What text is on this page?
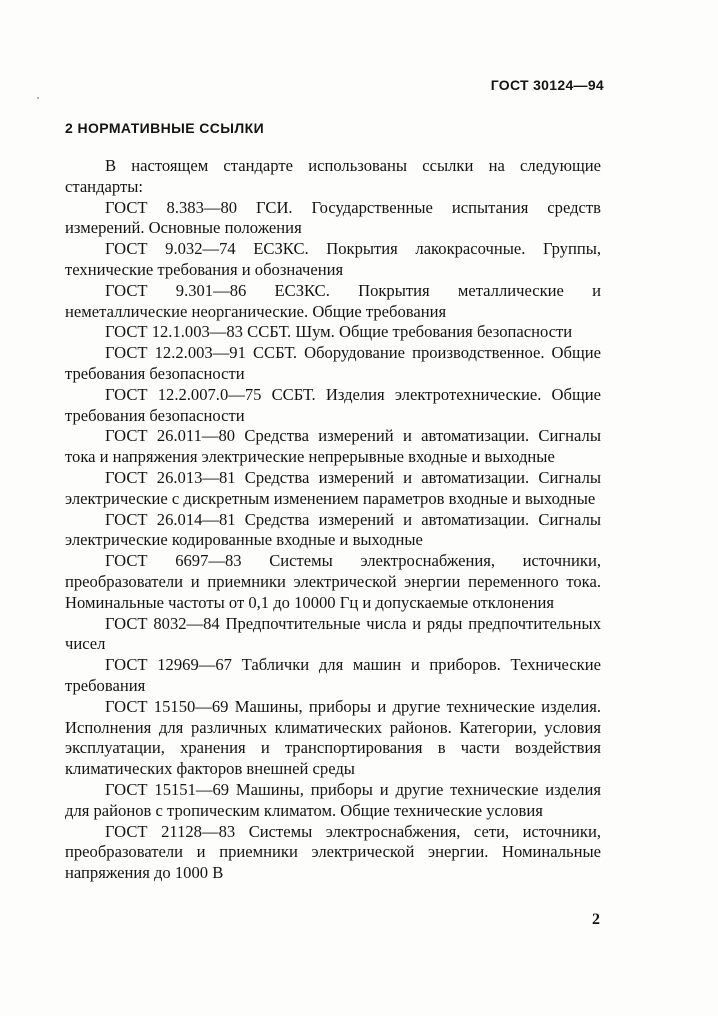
ГОСТ 30124—94
2 НОРМАТИВНЫЕ ССЫЛКИ

В настоящем стандарте использованы ссылки на следующие стандарты:

ГОСТ 8.383—80 ГСИ. Государственные испытания средств измерений. Основные положения

ГОСТ 9.032—74 ЕСЗКС. Покрытия лакокрасочные. Группы, технические требования и обозначения

ГОСТ 9.301—86 ЕСЗКС. Покрытия металлические и неметаллические неорганические. Общие требования

ГОСТ 12.1.003—83 ССБТ. Шум. Общие требования безопасности

ГОСТ 12.2.003—91 ССБТ. Оборудование производственное. Общие требования безопасности

ГОСТ 12.2.007.0—75 ССБТ. Изделия электротехнические. Общие требования безопасности

ГОСТ 26.011—80 Средства измерений и автоматизации. Сигналы тока и напряжения электрические непрерывные входные и выходные

ГОСТ 26.013—81 Средства измерений и автоматизации. Сигналы электрические с дискретным изменением параметров входные и выходные

ГОСТ 26.014—81 Средства измерений и автоматизации. Сигналы электрические кодированные входные и выходные

ГОСТ 6697—83 Системы электроснабжения, источники, преобразователи и приемники электрической энергии переменного тока. Номинальные частоты от 0,1 до 10000 Гц и допускаемые отклонения

ГОСТ 8032—84 Предпочтительные числа и ряды предпочтительных чисел

ГОСТ 12969—67 Таблички для машин и приборов. Технические требования

ГОСТ 15150—69 Машины, приборы и другие технические изделия. Исполнения для различных климатических районов. Категории, условия эксплуатации, хранения и транспортирования в части воздействия климатических факторов внешней среды

ГОСТ 15151—69 Машины, приборы и другие технические изделия для районов с тропическим климатом. Общие технические условия

ГОСТ 21128—83 Системы электроснабжения, сети, источники, преобразователи и приемники электрической энергии. Номинальные напряжения до 1000 В

2
